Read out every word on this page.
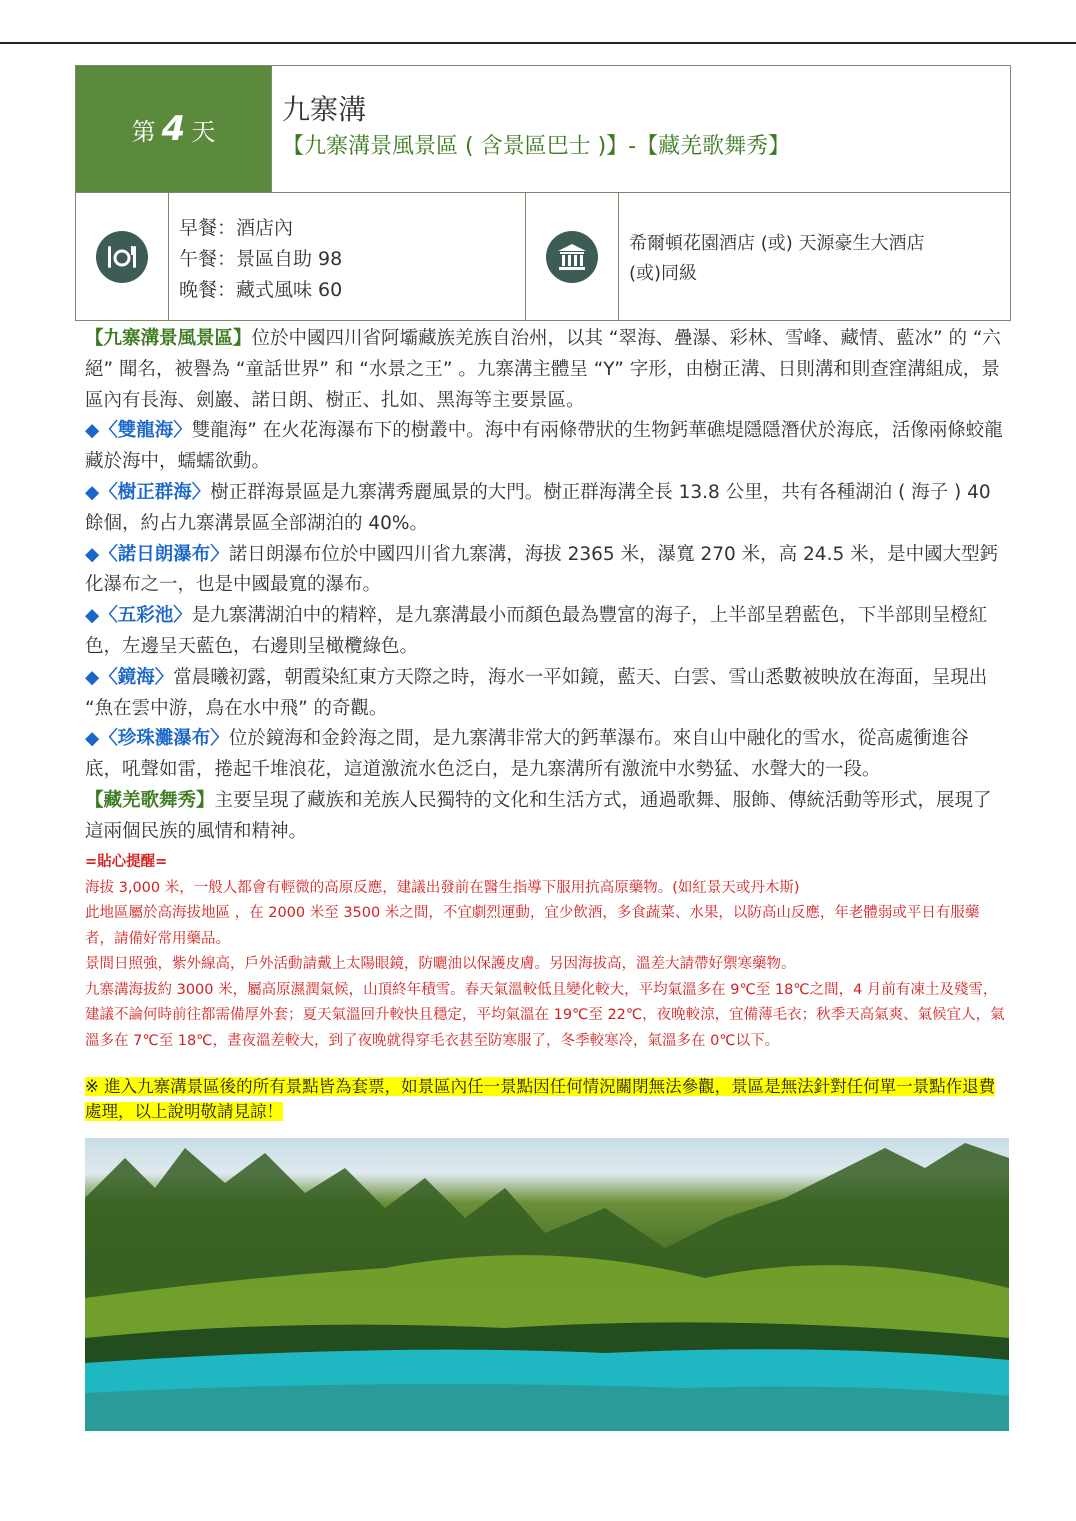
第 4 天
九寨溝
【九寨溝景風景區 ( 含景區巴士 )】-【藏羌歌舞秀】
早餐：酒店內
午餐：景區自助 98
晚餐：藏式風味 60
希爾頓花園酒店 (或) 天源豪生大酒店
(或)同級

【九寨溝景風景區】位於中國四川省阿壩藏族羌族自治州，以其 “翠海、疊瀑、彩林、雪峰、藏情、藍冰” 的 “六絕” 聞名，被譽為 “童話世界” 和 “水景之王” 。九寨溝主體呈 “Y” 字形，由樹正溝、日則溝和則查窪溝組成，景區內有長海、劍巖、諾日朗、樹正、扎如、黑海等主要景區。

◆〈雙龍海〉雙龍海” 在火花海瀑布下的樹叢中。海中有兩條帶狀的生物鈣華礁堤隱隱潛伏於海底，活像兩條蛟龍藏於海中，蠕蠕欲動。

◆〈樹正群海〉樹正群海景區是九寨溝秀麗風景的大門。樹正群海溝全長 13.8 公里，共有各種湖泊 ( 海子 ) 40 餘個，約占九寨溝景區全部湖泊的 40%。

◆〈諾日朗瀑布〉諾日朗瀑布位於中國四川省九寨溝，海拔 2365 米，瀑寬 270 米，高 24.5 米，是中國大型鈣化瀑布之一，也是中國最寬的瀑布。

◆〈五彩池〉是九寨溝湖泊中的精粹，是九寨溝最小而顏色最為豐富的海子，上半部呈碧藍色，下半部則呈橙紅色，左邊呈天藍色，右邊則呈橄欖綠色。

◆〈鏡海〉當晨曦初露，朝霞染紅東方天際之時，海水一平如鏡，藍天、白雲、雪山悉數被映放在海面，呈現出 “魚在雲中游，鳥在水中飛” 的奇觀。

◆〈珍珠灘瀑布〉位於鏡海和金鈴海之間，是九寨溝非常大的鈣華瀑布。來自山中融化的雪水，從高處衝進谷底，吼聲如雷，捲起千堆浪花，這道激流水色泛白，是九寨溝所有激流中水勢猛、水聲大的一段。

【藏羌歌舞秀】主要呈現了藏族和羌族人民獨特的文化和生活方式，通過歌舞、服飾、傳統活動等形式，展現了這兩個民族的風情和精神。

=貼心提醒=

海拔 3,000 米，一般人都會有輕微的高原反應，建議出發前在醫生指導下服用抗高原藥物。(如紅景天或丹木斯)

此地區屬於高海拔地區 ，在 2000 米至 3500 米之間，不宜劇烈運動，宜少飲酒，多食蔬菜、水果，以防高山反應，年老體弱或平日有服藥者，請備好常用藥品。

景間日照強，紫外線高，戶外活動請戴上太陽眼鏡，防曬油以保護皮膚。另因海拔高，溫差大請帶好禦寒藥物。

九寨溝海拔約 3000 米，屬高原濕潤氣候，山頂終年積雪。春天氣溫較低且變化較大，平均氣溫多在 9℃至 18℃之間，4 月前有凍土及殘雪，建議不論何時前往都需備厚外套；夏天氣溫回升較快且穩定，平均氣溫在 19℃至 22℃，夜晚較涼，宜備薄毛衣；秋季天高氣爽、氣候宜人，氣溫多在 7℃至 18℃，晝夜溫差較大，到了夜晚就得穿毛衣甚至防寒服了，冬季較寒冷，氣溫多在 0℃以下。

※ 進入九寨溝景區後的所有景點皆為套票，如景區內任一景點因任何情況關閉無法參觀，景區是無法針對任何單一景點作退費處理，以上說明敬請見諒！
